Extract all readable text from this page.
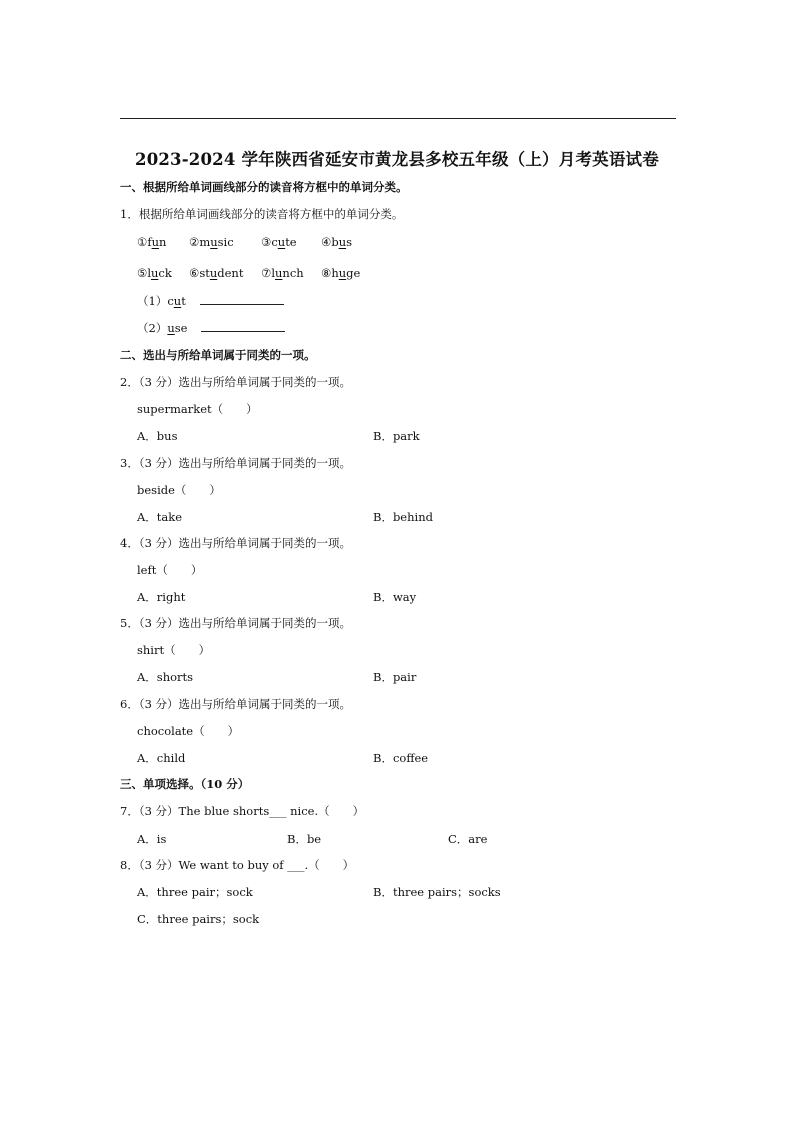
2023-2024 学年陕西省延安市黄龙县多校五年级（上）月考英语试卷
一、根据所给单词画线部分的读音将方框中的单词分类。
1．根据所给单词画线部分的读音将方框中的单词分类。
①fun ②music ③cute ④bus
⑤luck ⑥student ⑦lunch ⑧huge
（1）cut
（2）use
二、选出与所给单词属于同类的一项。
2．（3 分）选出与所给单词属于同类的一项。
supermarket（　　）
A．bus	B．park
3．（3 分）选出与所给单词属于同类的一项。
beside（　　）
A．take	B．behind
4．（3 分）选出与所给单词属于同类的一项。
left（　　）
A．right	B．way
5．（3 分）选出与所给单词属于同类的一项。
shirt（　　）
A．shorts	B．pair
6．（3 分）选出与所给单词属于同类的一项。
chocolate（　　）
A．child	B．coffee
三、单项选择。（10 分）
7．（3 分）The blue shorts___ nice.（　　）
A．is	B．be	C．are
8．（3 分）We want to buy of ___.（　　）
A．three pair；sock	B．three pairs；socks
C．three pairs；sock
